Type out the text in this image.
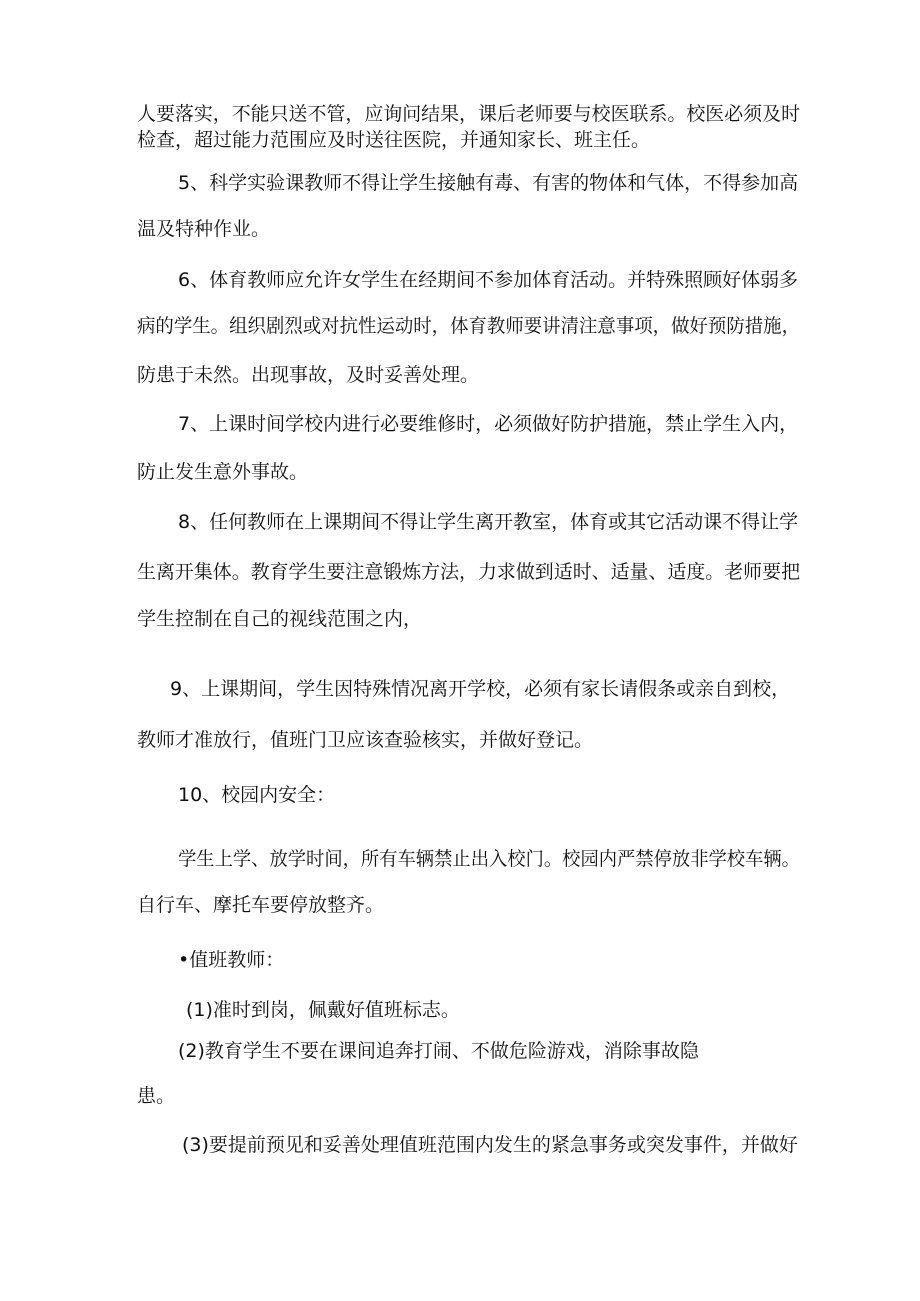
人要落实，不能只送不管，应询问结果，课后老师要与校医联系。校医必须及时

检查，超过能力范围应及时送往医院，并通知家长、班主任。

5、科学实验课教师不得让学生接触有毒、有害的物体和气体，不得参加高

温及特种作业。

6、体育教师应允许女学生在经期间不参加体育活动。并特殊照顾好体弱多

病的学生。组织剧烈或对抗性运动时，体育教师要讲清注意事项，做好预防措施，

防患于未然。出现事故，及时妥善处理。

7、上课时间学校内进行必要维修时，必须做好防护措施，禁止学生入内，

防止发生意外事故。

8、任何教师在上课期间不得让学生离开教室，体育或其它活动课不得让学

生离开集体。教育学生要注意锻炼方法，力求做到适时、适量、适度。老师要把

学生控制在自己的视线范围之内，

9、上课期间，学生因特殊情况离开学校，必须有家长请假条或亲自到校，

教师才准放行，值班门卫应该查验核实，并做好登记。

10、校园内安全：

学生上学、放学时间，所有车辆禁止出入校门。校园内严禁停放非学校车辆。

自行车、摩托车要停放整齐。

•值班教师：

(1)准时到岗，佩戴好值班标志。

(2)教育学生不要在课间追奔打闹、不做危险游戏，消除事故隐

患。

(3)要提前预见和妥善处理值班范围内发生的紧急事务或突发事件，并做好
